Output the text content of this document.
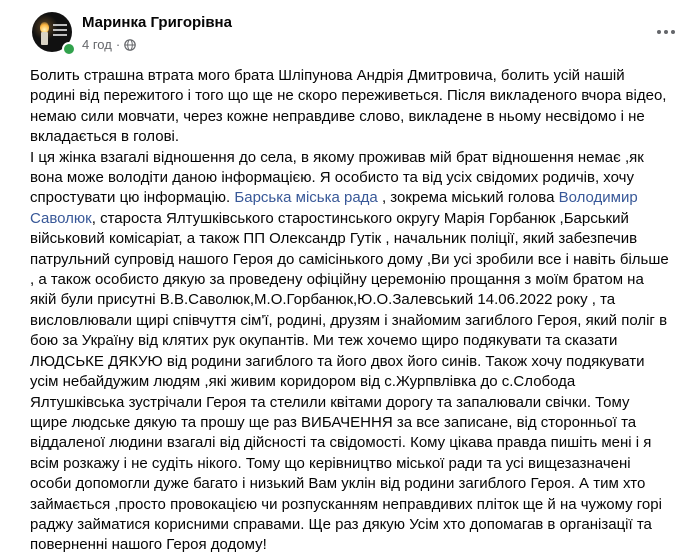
Маринка Григорівна
4 год ·

Болить страшна втрата мого брата Шліпунова Андрія Дмитровича, болить усій нашій родині від пережитого і того що ще не скоро переживеться. Після викладеного вчора відео, немаю сили мовчати, через кожне неправдиве слово, викладене в ньому несвідомо і не вкладається в голові.

І ця жінка взагалі відношення до села, в якому проживав мій брат відношення немає ,як вона може володіти даною інформацією. Я особисто та від усіх свідомих родичів, хочу спростувати цю інформацію. Барська міська рада , зокрема міський голова Володимир Саволюк, староста Ялтушківського старостинського округу Марія Горбанюк ,Барський військовий комісаріат, а також ПП Олександр Гутік , начальник поліції, який забезпечив патрульний супровід нашого Героя до самісінького дому ,Ви усі зробили все і навіть більше , а також особисто дякую за проведену офіційну церемонію прощання з моїм братом на якій були присутні В.В.Саволюк,М.О.Горбанюк,Ю.О.Залевський 14.06.2022 року , та висловлювали щирі співчуття сім'ї, родині, друзям і знайомим загиблого Героя, який поліг в бою за Україну від клятих рук окупантів. Ми теж хочемо щиро подякувати та сказати ЛЮДСЬКЕ ДЯКУЮ від родини загиблого та його двох його синів. Також хочу подякувати усім небайдужим людям ,які живим коридором від с.Журпвлівка до с.Слобода Ялтушківська зустрічали Героя та стелили квітами дорогу та запалювали свічки. Тому щире людське дякую та прошу ще раз ВИБАЧЕННЯ за все записане, від сторонньої та віддаленої людини взагалі від дійсності та свідомості. Кому цікава правда пишіть мені і я всім розкажу і не судіть нікого. Тому що керівництво міської ради та усі вищезазначені особи допомогли дуже багато і низький Вам уклін від родини загиблого Героя. А тим хто займається ,просто провокацією чи розпусканням неправдивих пліток ще й на чужому горі раджу займатися корисними справами. Ще раз дякую Усім хто допомагав в організації та поверненні нашого Героя додому!
